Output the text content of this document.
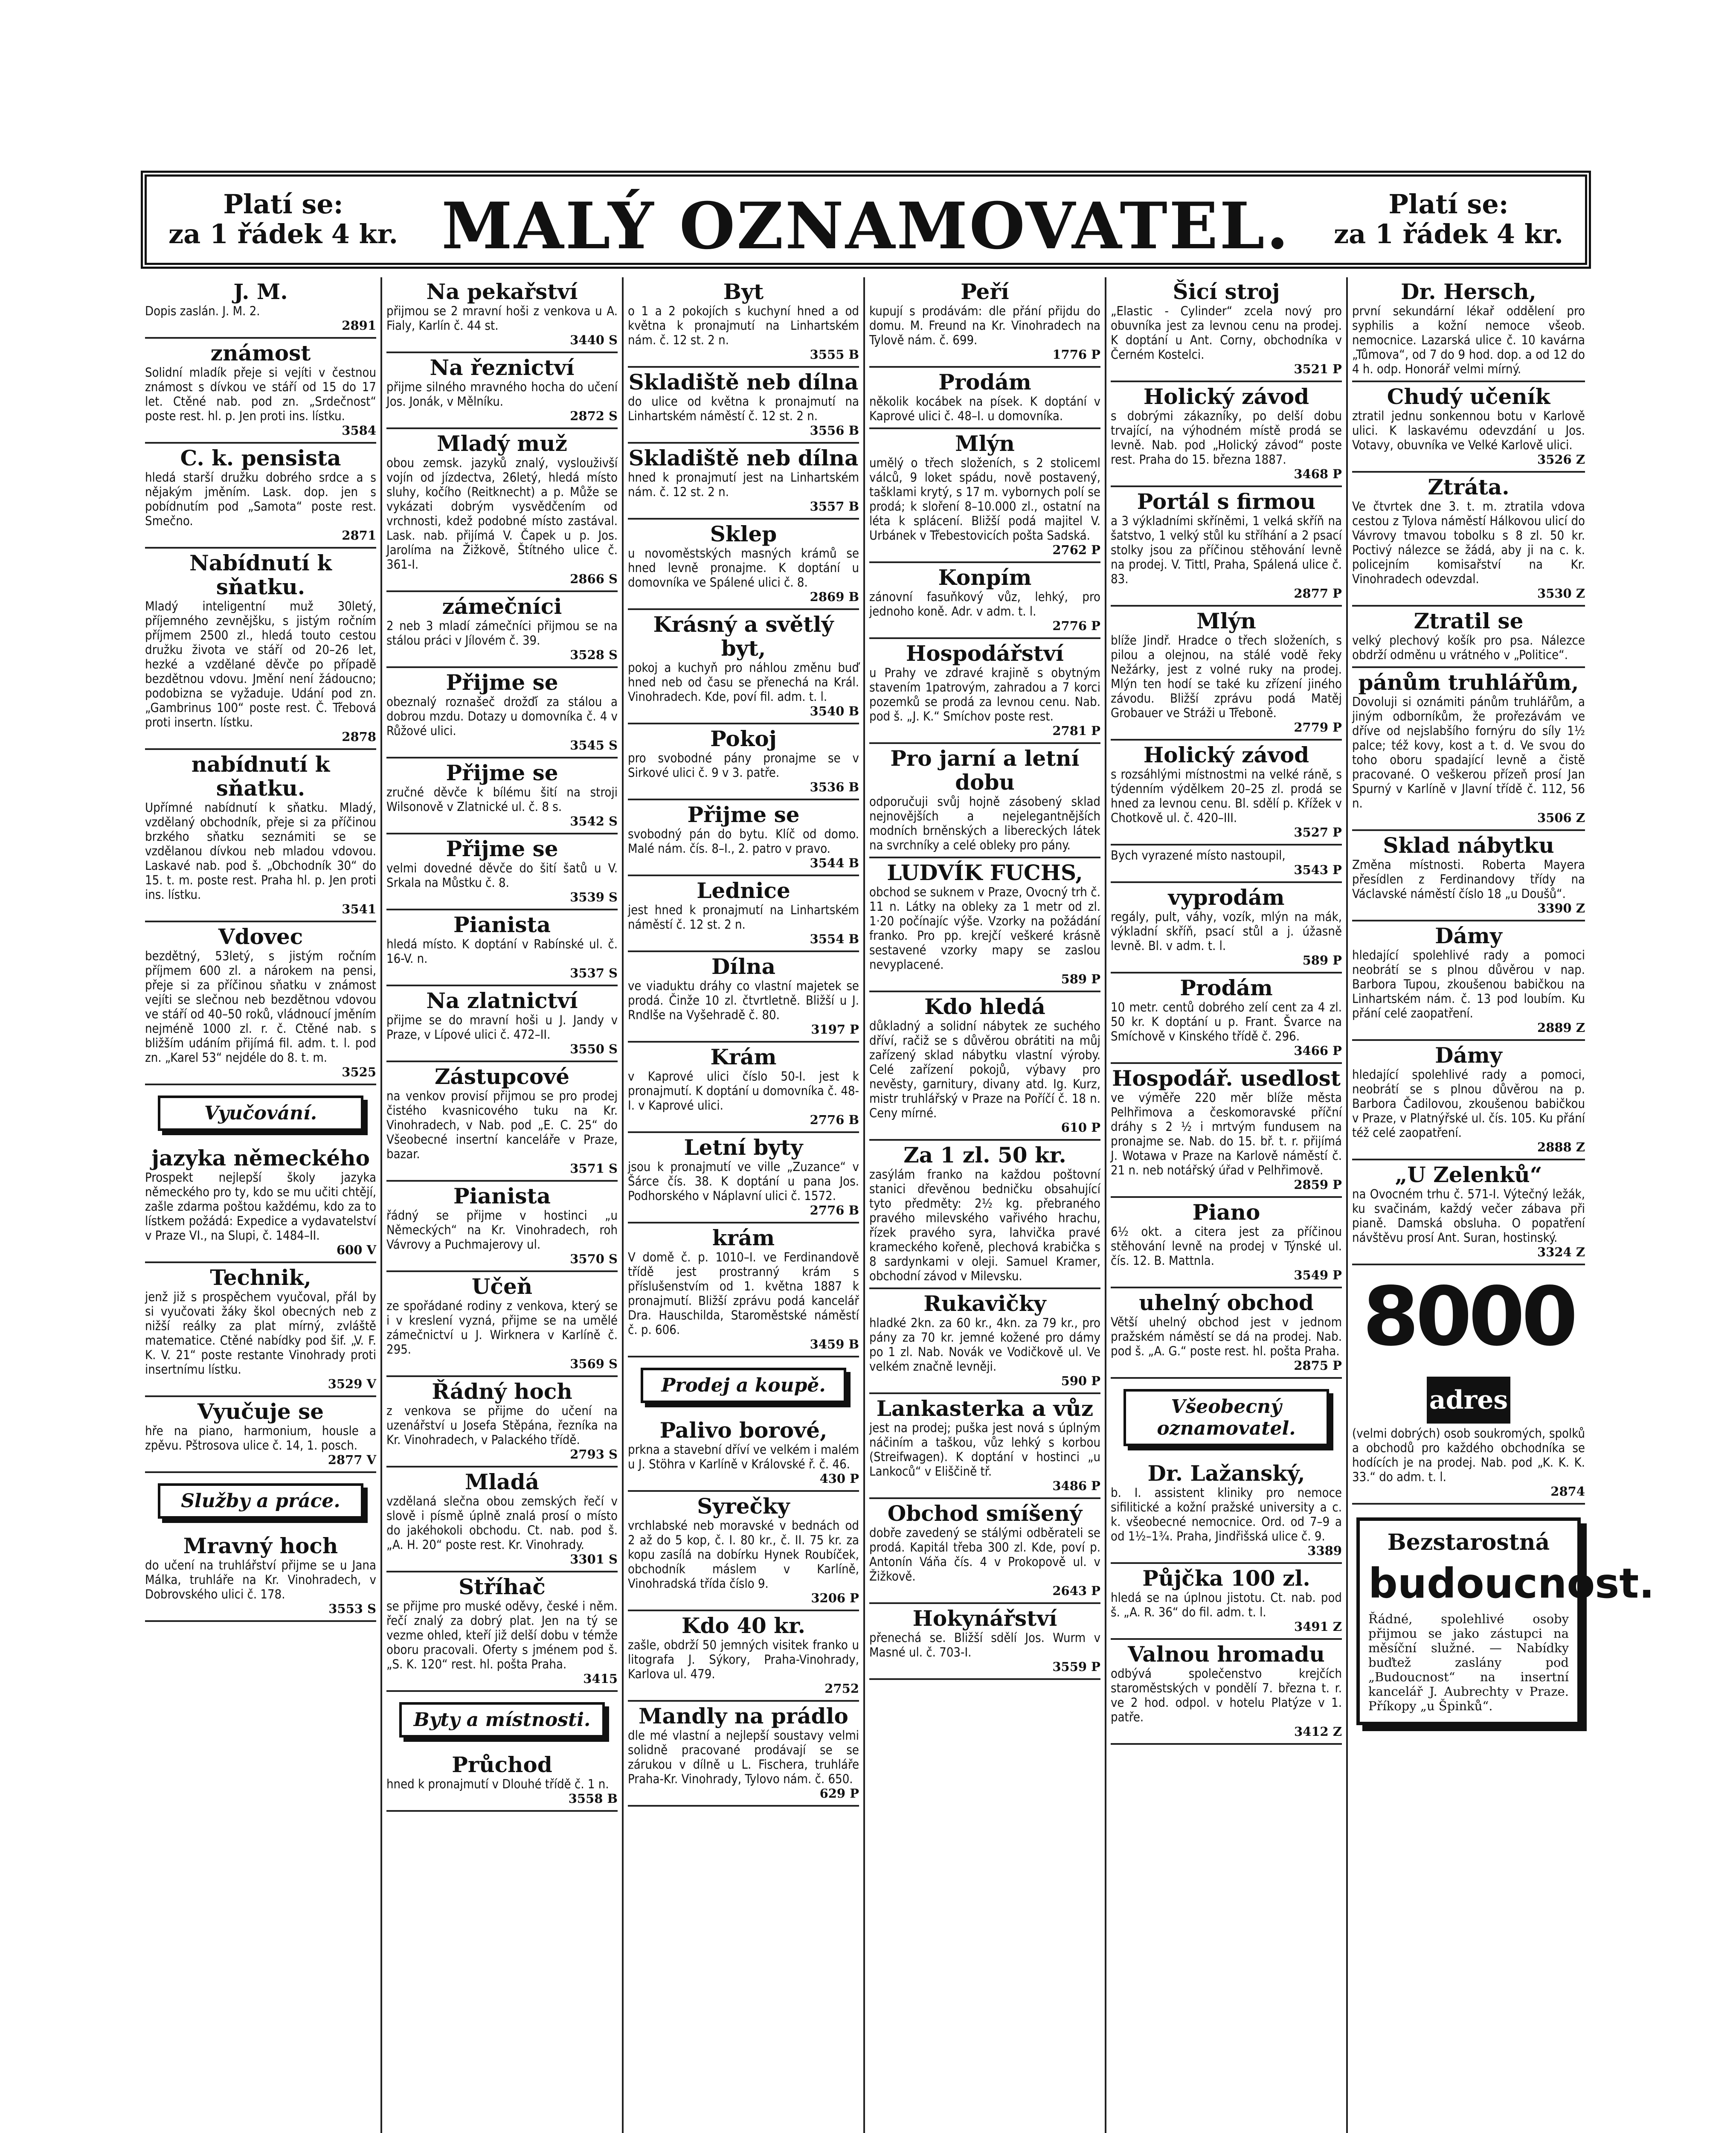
Platí se:
za 1 řádek 4 kr. MALÝ OZNAMOVATEL.	Platí se:
za 1 řádek 4 kr.
J. M.

Dopis zaslán. J. M. 2.

2891
známost

Solidní mladík přeje si vejíti v čestnou známost s dívkou ve stáří od 15 do 17 let. Ctěné nab. pod zn. „Srdečnost“ poste rest. hl. p. Jen proti ins. lístku.

3584
C. k. pensista

hledá starší družku dobrého srdce a s nějakým jměním. Lask. dop. jen s pobídnutím pod „Samota“ poste rest. Smečno.

2871
Nabídnutí k sňatku.

Mladý inteligentní muž 30letý, příjemného zevnějšku, s jistým ročním příjmem 2500 zl., hledá touto cestou družku života ve stáří od 20–26 let, hezké a vzdělané děvče po případě bezdětnou vdovu. Jmění není žádoucno; podobizna se vyžaduje. Udání pod zn. „Gambrinus 100“ poste rest. Č. Třebová proti insertn. lístku.

2878
nabídnutí k sňatku.

Upřímné nabídnutí k sňatku. Mladý, vzdělaný obchodník, přeje si za příčinou brzkého sňatku seznámiti se se vzdělanou dívkou neb mladou vdovou. Laskavé nab. pod š. „Obchodník 30“ do 15. t. m. poste rest. Praha hl. p. Jen proti ins. lístku.

3541
Vdovec

bezdětný, 53letý, s jistým ročním příjmem 600 zl. a nárokem na pensi, přeje si za příčinou sňatku v známost vejíti se slečnou neb bezdětnou vdovou ve stáří od 40–50 roků, vládnoucí jměním nejméně 1000 zl. r. č. Ctěné nab. s bližším udáním přijímá fil. adm. t. l. pod zn. „Karel 53“ nejdéle do 8. t. m.

3525
Vyučování.
jazyka německého

Prospekt nejlepší školy jazyka německého pro ty, kdo se mu učiti chtějí, zašle zdarma poštou každému, kdo za to lístkem požádá: Expedice a vydavatelství v Praze VI., na Slupi, č. 1484–II.

600 V
Technik,

jenž již s prospěchem vyučoval, přál by si vyučovati žáky škol obecných neb z nižší reálky za plat mírný, zvláště matematice. Ctěné nabídky pod šif. „V. F. K. V. 21“ poste restante Vinohrady proti insertnímu lístku.

3529 V
Vyučuje se

hře na piano, harmonium, housle a zpěvu. Pštrosova ulice č. 14, 1. posch.

2877 V
Služby a práce.
Mravný hoch

do učení na truhlářství přijme se u Jana Málka, truhláře na Kr. Vinohradech, v Dobrovského ulici č. 178.

3553 S
Na pekařství

přijmou se 2 mravní hoši z venkova u A. Fialy, Karlín č. 44 st.

3440 S
Na řeznictví

přijme silného mravného hocha do učení Jos. Jonák, v Mělníku.

2872 S
Mladý muž

obou zemsk. jazyků znalý, vyslouživší vojín od jízdectva, 26letý, hledá místo sluhy, kočího (Reitknecht) a p. Může se vykázati dobrým vysvědčením od vrchnosti, kdež podobné místo zastával. Lask. nab. přijímá V. Čapek u p. Jos. Jarolíma na Žižkově, Štítného ulice č. 361-I.

2866 S
zámečníci

2 neb 3 mladí zámečníci přijmou se na stálou práci v Jílovém č. 39.

3528 S
Přijme se

obeznalý roznašeč drožďí za stálou a dobrou mzdu. Dotazy u domovníka č. 4 v Růžové ulici.

3545 S
Přijme se

zručné děvče k bílému šití na stroji Wilsonově v Zlatnické ul. č. 8 s.

3542 S
Přijme se

velmi dovedné děvče do šití šatů u V. Srkala na Můstku č. 8.

3539 S
Pianista

hledá místo. K doptání v Rabínské ul. č. 16-V. n.

3537 S
Na zlatnictví

přijme se do mravní hoši u J. Jandy v Praze, v Lípové ulici č. 472–II.

3550 S
Zástupcové

na venkov provisí přijmou se pro prodej čistého kvasnicového tuku na Kr. Vinohradech, v Nab. pod „E. C. 25“ do Všeobecné insertní kanceláře v Praze, bazar.

3571 S
Pianista

řádný se přijme v hostinci „u Německých“ na Kr. Vinohradech, roh Vávrovy a Puchmajerovy ul.

3570 S
Učeň

ze spořádané rodiny z venkova, který se i v kreslení vyzná, přijme se na umělé zámečnictví u J. Wirknera v Karlíně č. 295.

3569 S
Řádný hoch

z venkova se přijme do učení na uzenářství u Josefa Stěpána, řezníka na Kr. Vinohradech, v Palackého třídě.

2793 S
Mladá

vzdělaná slečna obou zemských řečí v slově i písmě úplně znalá prosí o místo do jakéhokoli obchodu. Ct. nab. pod š. „A. H. 20“ poste rest. Kr. Vinohrady.

3301 S
Stříhač

se přijme pro muské oděvy, české i něm. řečí znalý za dobrý plat. Jen na tý se vezme ohled, kteří již delší dobu v témže oboru pracovali. Oferty s jménem pod š. „S. K. 120“ rest. hl. pošta Praha.

3415
Byty a místnosti.
Průchod

hned k pronajmutí v Dlouhé třídě č. 1 n.

3558 B
Byt

o 1 a 2 pokojích s kuchyní hned a od května k pronajmutí na Linhartském nám. č. 12 st. 2 n.

3555 B
Skladiště neb dílna

do ulice od května k pronajmutí na Linhartském náměstí č. 12 st. 2 n.

3556 B
Skladiště neb dílna

hned k pronajmutí jest na Linhartském nám. č. 12 st. 2 n.

3557 B
Sklep

u novoměstských masných krámů se hned levně pronajme. K doptání u domovníka ve Spálené ulici č. 8.

2869 B
Krásný a světlý byt,

pokoj a kuchyň pro náhlou změnu buď hned neb od času se přenechá na Král. Vinohradech. Kde, poví fil. adm. t. l.

3540 B
Pokoj

pro svobodné pány pronajme se v Sirkové ulici č. 9 v 3. patře.

3536 B
Přijme se

svobodný pán do bytu. Klíč od domo. Malé nám. čís. 8–I., 2. patro v pravo.

3544 B
Lednice

jest hned k pronajmutí na Linhartském náměstí č. 12 st. 2 n.

3554 B
Dílna

ve viaduktu dráhy co vlastní majetek se prodá. Činže 10 zl. čtvrtletně. Bližší u J. Rndlše na Vyšehradě č. 80.

3197 P
Krám

v Kaprové ulici číslo 50-I. jest k pronajmutí. K doptání u domovníka č. 48-I. v Kaprové ulici.

2776 B
Letní byty

jsou k pronajmutí ve ville „Zuzance“ v Šárce čís. 38. K doptání u pana Jos. Podhorského v Náplavní ulici č. 1572.

2776 B
krám

V domě č. p. 1010–I. ve Ferdinandově třídě jest prostranný krám s příslušenstvím od 1. května 1887 k pronajmutí. Bližší zprávu podá kancelář Dra. Hauschilda, Staroměstské náměstí č. p. 606.

3459 B
Prodej a koupě.
Palivo borové,

prkna a stavební dříví ve velkém i malém u J. Stöhra v Karlíně v Královské ř. č. 46.

430 P
Syrečky

vrchlabské neb moravské v bednách od 2 až do 5 kop, č. I. 80 kr., č. II. 75 kr. za kopu zasílá na dobírku Hynek Roubíček, obchodník máslem v Karlíně, Vinohradská třída číslo 9.

3206 P
Kdo 40 kr.

zašle, obdrží 50 jemných visitek franko u litografa J. Sýkory, Praha-Vinohrady, Karlova ul. 479.

2752
Mandly na prádlo

dle mé vlastní a nejlepší soustavy velmi solidně pracované prodávají se se zárukou v dílně u L. Fischera, truhláře Praha-Kr. Vinohrady, Tylovo nám. č. 650.

629 P
Peří

kupují s prodávám: dle přání přijdu do domu. M. Freund na Kr. Vinohradech na Tylově nám. č. 699.

1776 P
Prodám

několik kocábek na písek. K doptání v Kaprové ulici č. 48–I. u domovníka.

Mlýn

umělý o třech složeních, s 2 stoliceml válců, 9 loket spádu, nově postavený, tašklami krytý, s 17 m. vybornych polí se prodá; k sloření 8–10.000 zl., ostatní na léta k splácení. Bližší podá majitel V. Urbánek v Třebestovicích pošta Sadská.

2762 P
Konpím

zánovní fasuňkový vůz, lehký, pro jednoho koně. Adr. v adm. t. l.

2776 P
Hospodářství

u Prahy ve zdravé krajině s obytným stavením 1patrovým, zahradou a 7 korci pozemků se prodá za levnou cenu. Nab. pod š. „J. K.“ Smíchov poste rest.

2781 P
Pro jarní a letní dobu

odporučuji svůj hojně zásobený sklad nejnovějších a nejelegantnějších modních brněnských a libereckých látek na svrchníky a celé obleky pro pány.

LUDVÍK FUCHS,

obchod se suknem v Praze, Ovocný trh č. 11 n. Látky na obleky za 1 metr od zl. 1·20 počínajíc výše. Vzorky na požádání franko. Pro pp. krejčí veškeré krásně sestavené vzorky mapy se zaslou nevyplacené.

589 P
Kdo hledá

důkladný a solidní nábytek ze suchého dříví, račiž se s důvěrou obrátiti na můj zařízený sklad nábytku vlastní výroby. Celé zařízení pokojů, výbavy pro nevěsty, garnitury, divany atd. Ig. Kurz, mistr truhlářský v Praze na Poříčí č. 18 n. Ceny mírné.

610 P
Za 1 zl. 50 kr.

zasýlám franko na každou poštovní stanici dřevěnou bedničku obsahující tyto předměty: 2½ kg. přebraného pravého milevského vařivého hrachu, řízek pravého syra, lahvička pravé krameckého kořeně, plechová krabička s 8 sardynkami v oleji. Samuel Kramer, obchodní závod v Milevsku.

Rukavičky

hladké 2kn. za 60 kr., 4kn. za 79 kr., pro pány za 70 kr. jemné kožené pro dámy po 1 zl. Nab. Novák ve Vodičkově ul. Ve velkém značně levněji.

590 P
Lankasterka a vůz

jest na prodej; puška jest nová s úplným náčiním a taškou, vůz lehký s korbou (Streifwagen). K doptání v hostinci „u Lankoců“ v Eliščině tř.

3486 P
Obchod smíšený

dobře zavedený se stálými odběrateli se prodá. Kapitál třeba 300 zl. Kde, poví p. Antonín Váňa čís. 4 v Prokopově ul. v Žižkově.

2643 P
Hokynářství

přenechá se. Bližší sdělí Jos. Wurm v Masné ul. č. 703-I.

3559 P
Šicí stroj

„Elastic - Cylinder“ zcela nový pro obuvníka jest za levnou cenu na prodej. K doptání u Ant. Corny, obchodníka v Černém Kostelci.

3521 P
Holický závod

s dobrými zákazníky, po delší dobu trvající, na výhodném místě prodá se levně. Nab. pod „Holický závod“ poste rest. Praha do 15. března 1887.

3468 P
Portál s firmou

a 3 výkladními skříněmi, 1 velká skříň na šatstvo, 1 velký stůl ku stříhání a 2 psací stolky jsou za příčinou stěhování levně na prodej. V. Tittl, Praha, Spálená ulice č. 83.

2877 P
Mlýn

blíže Jindř. Hradce o třech složeních, s pilou a olejnou, na stálé vodě řeky Nežárky, jest z volné ruky na prodej. Mlýn ten hodí se také ku zřízení jiného závodu. Bližší zprávu podá Matěj Grobauer ve Stráži u Třeboně.

2779 P
Holický závod

s rozsáhlými místnostmi na velké ráně, s týdenním výdělkem 20–25 zl. prodá se hned za levnou cenu. Bl. sdělí p. Křížek v Chotkově ul. č. 420–III.

3527 P

Bych vyrazené místo nastoupil,

3543 P
vyprodám

regály, pult, váhy, vozík, mlýn na mák, výkladní skříň, psací stůl a j. úžasně levně. Bl. v adm. t. l.

589 P
Prodám

10 metr. centů dobrého zelí cent za 4 zl. 50 kr. K doptání u p. Frant. Švarce na Smíchově v Kinského třídě č. 296.

3466 P
Hospodář. usedlost

ve výměře 220 měr blíže města Pelhřimova a českomoravské příční dráhy s 2 ½ i mrtvým fundusem na pronajme se. Nab. do 15. bř. t. r. přijímá J. Wotawa v Praze na Karlově náměstí č. 21 n. neb notářský úřad v Pelhřimově.

2859 P
Piano

6½ okt. a citera jest za příčinou stěhování levně na prodej v Týnské ul. čís. 12. B. Mattnla.

3549 P
uhelný obchod

Větší uhelný obchod jest v jednom pražském náměstí se dá na prodej. Nab. pod š. „A. G.“ poste rest. hl. pošta Praha.

2875 P
Všeobecný oznamovatel.
Dr. Lažanský,

b. I. assistent kliniky pro nemoce sifilitické a kožní pražské university a c. k. všeobecné nemocnice. Ord. od 7–9 a od 1½–1¾. Praha, Jindřišská ulice č. 9.

3389
Půjčka 100 zl.

hledá se na úplnou jistotu. Ct. nab. pod š. „A. R. 36“ do fil. adm. t. l.

3491 Z
Valnou hromadu

odbývá společenstvo krejčích staroměstských v pondělí 7. března t. r. ve 2 hod. odpol. v hotelu Platýze v 1. patře.

3412 Z
Dr. Hersch,

první sekundární lékař oddělení pro syphilis a kožní nemoce všeob. nemocnice. Lazarská ulice č. 10 kavárna „Tůmova“, od 7 do 9 hod. dop. a od 12 do 4 h. odp. Honorář velmi mírný.

Chudý učeník

ztratil jednu sonkennou botu v Karlově ulici. K laskavému odevzdání u Jos. Votavy, obuvníka ve Velké Karlově ulici.

3526 Z
Ztráta.

Ve čtvrtek dne 3. t. m. ztratila vdova cestou z Tylova náměstí Hálkovou ulicí do Vávrovy tmavou tobolku s 8 zl. 50 kr. Poctivý nálezce se žádá, aby ji na c. k. policejním komisařství na Kr. Vinohradech odevzdal.

3530 Z
Ztratil se

velký plechový košík pro psa. Nálezce obdrží odměnu u vrátného v „Politice“.

pánům truhlářům,

Dovoluji si oznámiti pánům truhlářům, a jiným odborníkům, že prořezávám ve dříve od nejslabšího fornýru do síly 1½ palce; též kovy, kost a t. d. Ve svou do toho oboru spadající levně a čistě pracované. O veškerou přízeň prosí Jan Spurný v Karlíně v Jlavní třídě č. 112, 56 n.

3506 Z
Sklad nábytku

Změna místnosti. Roberta Mayera přesídlen z Ferdinandovy třídy na Václavské náměstí číslo 18 „u Doušů“.

3390 Z
Dámy

hledající spolehlivé rady a pomoci neobrátí se s plnou důvěrou v nap. Barbora Tupou, zkoušenou babičkou na Linhartském nám. č. 13 pod loubím. Ku přání celé zaopatření.

2889 Z
Dámy

hledající spolehlivé rady a pomoci, neobrátí se s plnou důvěrou na p. Barbora Čadilovou, zkoušenou babičkou v Praze, v Platnýřské ul. čís. 105. Ku přání též celé zaopatření.

2888 Z
„U Zelenků“

na Ovocném trhu č. 571-I. Výtečný ležák, ku svačinám, každý večer zábava při pianě. Damská obsluha. O popatření návštěvu prosí Ant. Suran, hostinský.

3324 Z
8000adres

(velmi dobrých) osob soukromých, spolků a obchodů pro každého obchodníka se hodících je na prodej. Nab. pod „K. K. K. 33.“ do adm. t. l.

2874
Bezstarostná
budoucnost.

Řádné, spolehlivé osoby přijmou se jako zástupci na měsíční služné. — Nabídky buďtež zaslány pod „Budoucnost“ na insertní kancelář J. Aubrechty v Praze. Příkopy „u Špinků“.
